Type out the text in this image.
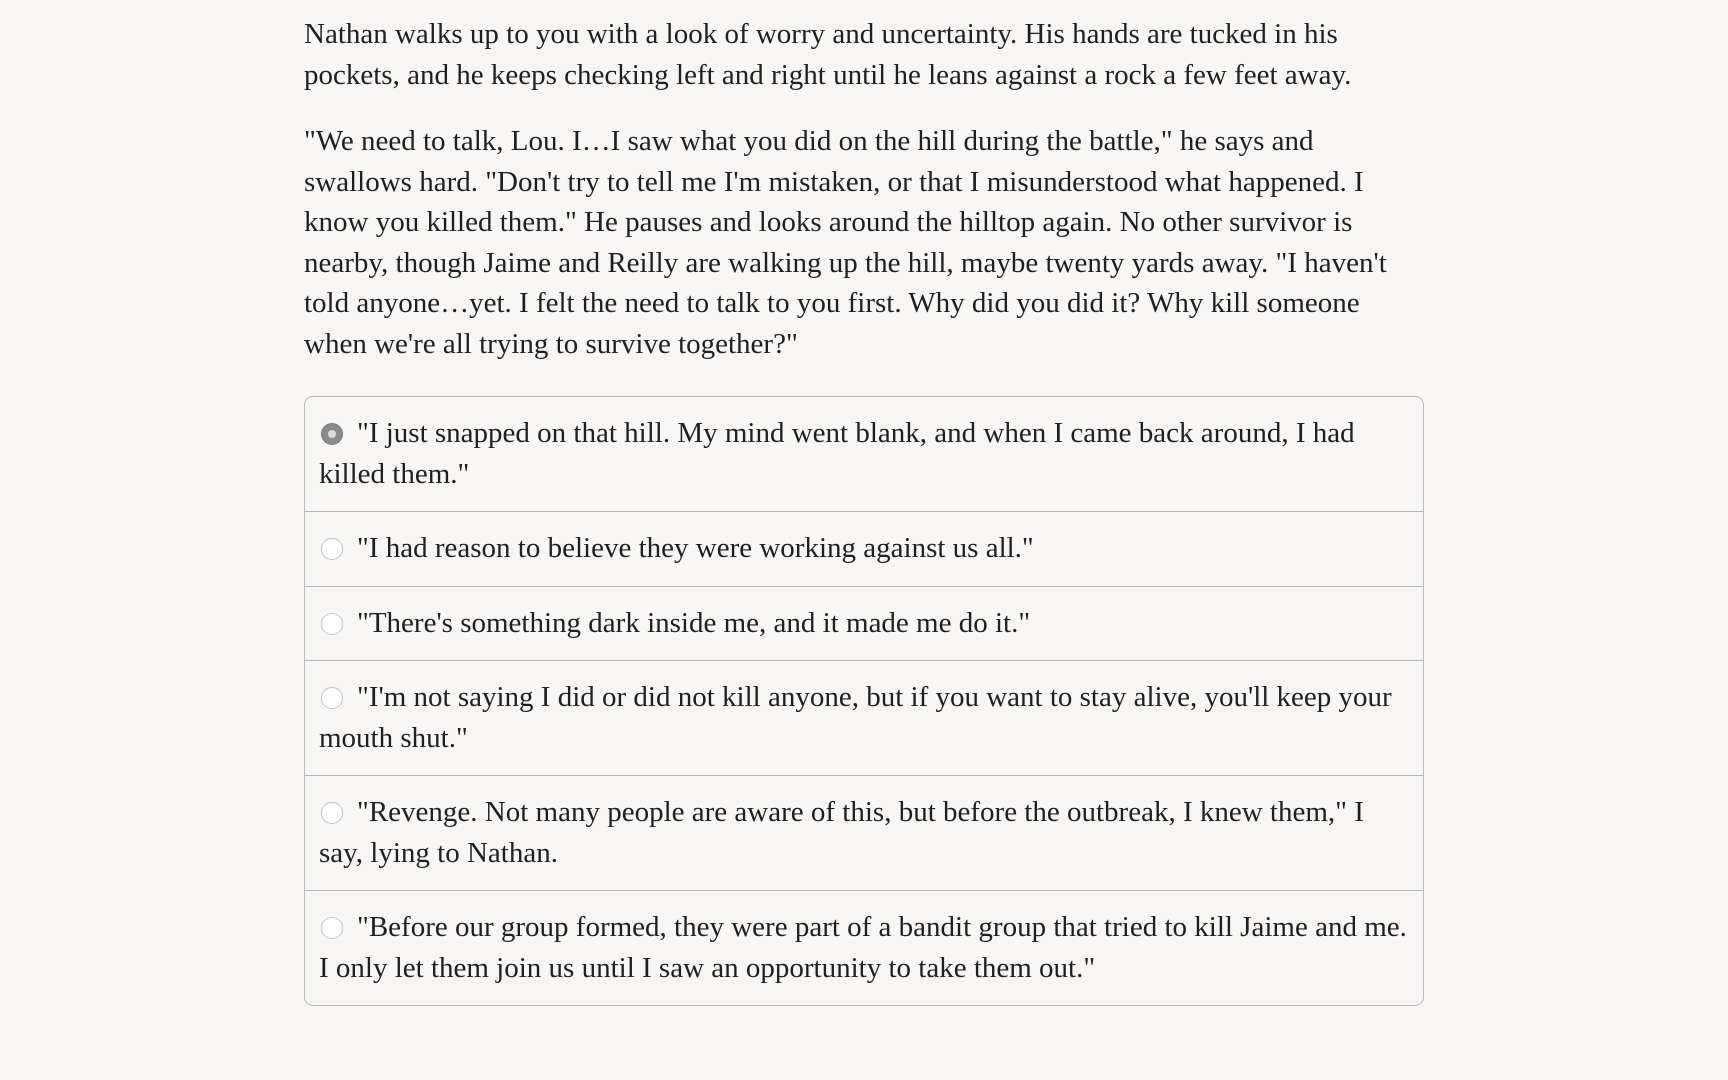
Nathan walks up to you with a look of worry and uncertainty. His hands are tucked in his pockets, and he keeps checking left and right until he leans against a rock a few feet away.

"We need to talk, Lou. I…I saw what you did on the hill during the battle," he says and swallows hard. "Don't try to tell me I'm mistaken, or that I misunderstood what happened. I know you killed them." He pauses and looks around the hilltop again. No other survivor is nearby, though Jaime and Reilly are walking up the hill, maybe twenty yards away. "I haven't told anyone…yet. I felt the need to talk to you first. Why did you did it? Why kill someone when we're all trying to survive together?"

"I just snapped on that hill. My mind went blank, and when I came back around, I had killed them."
"I had reason to believe they were working against us all."
"There's something dark inside me, and it made me do it."
"I'm not saying I did or did not kill anyone, but if you want to stay alive, you'll keep your mouth shut."
"Revenge. Not many people are aware of this, but before the outbreak, I knew them," I say, lying to Nathan.
"Before our group formed, they were part of a bandit group that tried to kill Jaime and me. I only let them join us until I saw an opportunity to take them out."
